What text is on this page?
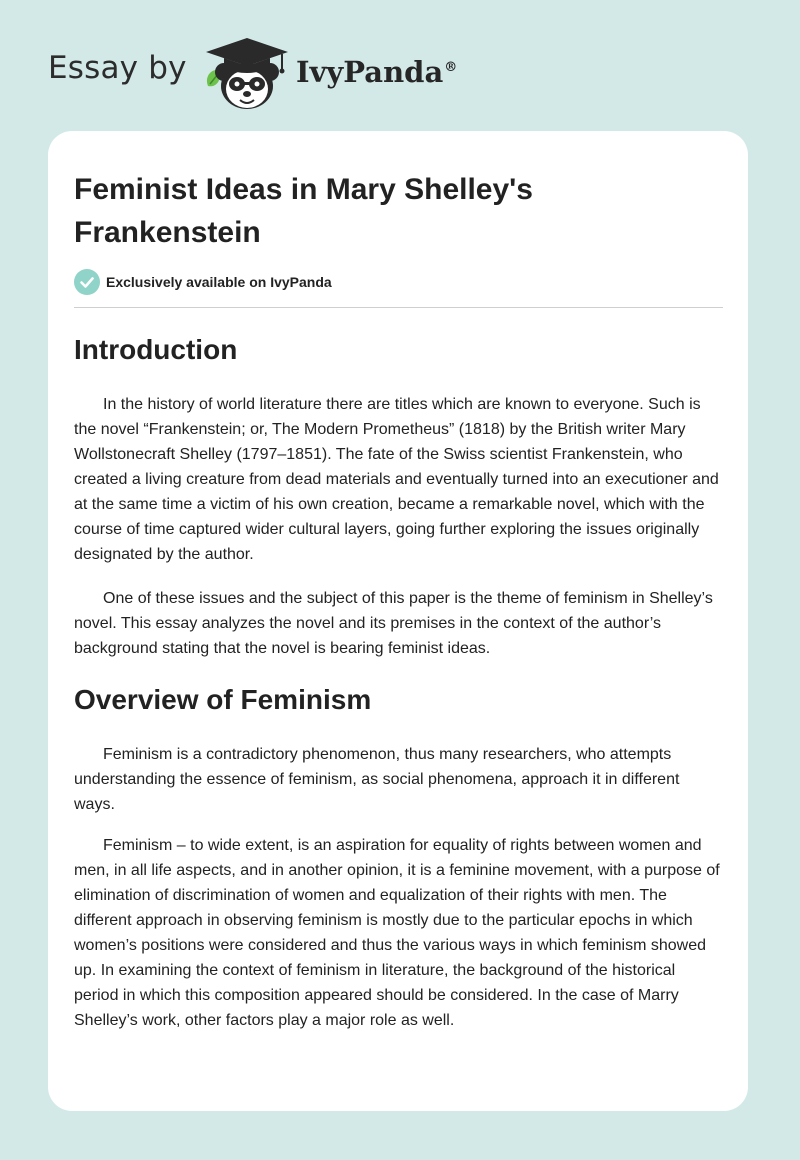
Essay by	IvyPanda®
Feminist Ideas in Mary Shelley's Frankenstein
Exclusively available on IvyPanda
Introduction

In the history of world literature there are titles which are known to everyone. Such is the novel “Frankenstein; or, The Modern Prometheus” (1818) by the British writer Mary Wollstonecraft Shelley (1797–1851). The fate of the Swiss scientist Frankenstein, who created a living creature from dead materials and eventually turned into an executioner and at the same time a victim of his own creation, became a remarkable novel, which with the course of time captured wider cultural layers, going further exploring the issues originally designated by the author.

One of these issues and the subject of this paper is the theme of feminism in Shelley’s novel. This essay analyzes the novel and its premises in the context of the author’s background stating that the novel is bearing feminist ideas.

Overview of Feminism

Feminism is a contradictory phenomenon, thus many researchers, who attempts understanding the essence of feminism, as social phenomena, approach it in different ways.

Feminism – to wide extent, is an aspiration for equality of rights between women and men, in all life aspects, and in another opinion, it is a feminine movement, with a purpose of elimination of discrimination of women and equalization of their rights with men. The different approach in observing feminism is mostly due to the particular epochs in which women’s positions were considered and thus the various ways in which feminism showed up. In examining the context of feminism in literature, the background of the historical period in which this composition appeared should be considered. In the case of Marry Shelley’s work, other factors play a major role as well.
